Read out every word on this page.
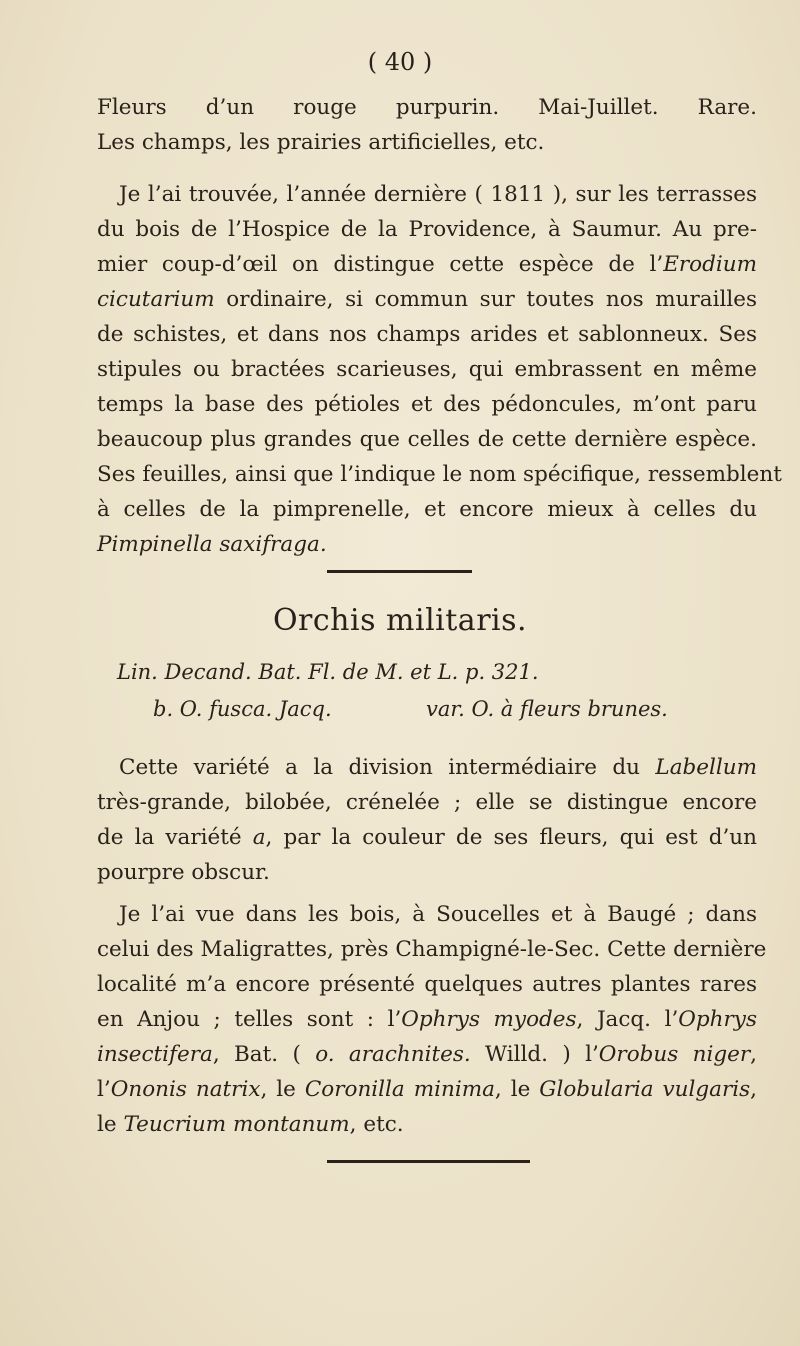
( 40 )
Fleurs d’un rouge purpurin. Mai-Juillet. Rare.
Les champs, les prairies artificielles, etc.
Je l’ai trouvée, l’année dernière ( 1811 ), sur les terrasses
du bois de l’Hospice de la Providence, à Saumur. Au pre-
mier coup-d’œil on distingue cette espèce de l’Erodium
cicutarium ordinaire, si commun sur toutes nos murailles
de schistes, et dans nos champs arides et sablonneux. Ses
stipules ou bractées scarieuses, qui embrassent en même
temps la base des pétioles et des pédoncules, m’ont paru
beaucoup plus grandes que celles de cette dernière espèce.
Ses feuilles, ainsi que l’indique le nom spécifique, ressemblent
à celles de la pimprenelle, et encore mieux à celles du
Pimpinella saxifraga.
Orchis militaris.
Lin. Decand. Bat. Fl. de M. et L. p. 321.
b. O. fusca. Jacq.	var. O. à fleurs brunes.
Cette variété a la division intermédiaire du Labellum
très-grande, bilobée, crénelée ; elle se distingue encore
de la variété a, par la couleur de ses fleurs, qui est d’un
pourpre obscur.
Je l’ai vue dans les bois, à Soucelles et à Baugé ; dans
celui des Maligrattes, près Champigné-le-Sec. Cette dernière
localité m’a encore présenté quelques autres plantes rares
en Anjou ; telles sont : l’Ophrys myodes, Jacq. l’Ophrys
insectifera, Bat. ( o. arachnites. Willd. ) l’Orobus niger,
l’Ononis natrix, le Coronilla minima, le Globularia vulgaris,
le Teucrium montanum, etc.
